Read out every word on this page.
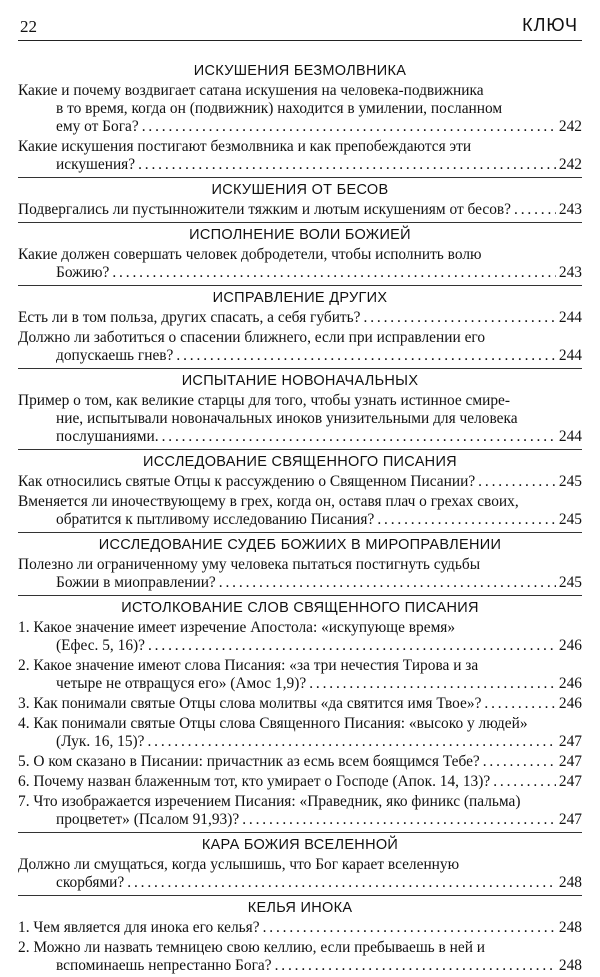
22	КЛЮЧ
ИСКУШЕНИЯ БЕЗМОЛВНИКА
Какие и почему воздвигает сатана искушения на человека-подвижника
в то время, когда он (подвижник) находится в умилении, посланном
ему от Бога? . . .	242
Какие искушения постигают безмолвника и как препобеждаются эти
искушения? . . .	242
ИСКУШЕНИЯ ОТ БЕСОВ
Подвергались ли пустынножители тяжким и лютым искушениям от бесов? . . .	243
ИСПОЛНЕНИЕ ВОЛИ БОЖИЕЙ
Какие должен совершать человек добродетели, чтобы исполнить волю
Божию? . . .	243
ИСПРАВЛЕНИЕ ДРУГИХ
Есть ли в том польза, других спасать, а себя губить? . . .	244
Должно ли заботиться о спасении ближнего, если при исправлении его
допускаешь гнев? . . .	244
ИСПЫТАНИЕ НОВОНАЧАЛЬНЫХ
Пример о том, как великие старцы для того, чтобы узнать истинное смире-
ние, испытывали новоначальных иноков унизительными для человека
послушаниями. . . .	244
ИССЛЕДОВАНИЕ СВЯЩЕННОГО ПИСАНИЯ
Как относились святые Отцы к рассуждению о Священном Писании? . . .	245
Вменяется ли иночествующему в грех, когда он, оставя плач о грехах своих,
обратится к пытливому исследованию Писания? . . .	245
ИССЛЕДОВАНИЕ СУДЕБ БОЖИИХ В МИРОПРАВЛЕНИИ
Полезно ли ограниченному уму человека пытаться постигнуть судьбы
Божии в миоправлении? . . .	245
ИСТОЛКОВАНИЕ СЛОВ СВЯЩЕННОГО ПИСАНИЯ
1. Какое значение имеет изречение Апостола: «искупующе время»
(Ефес. 5, 16)? . . .	246
2. Какое значение имеют слова Писания: «за три нечестия Тирова и за
четыре не отвращуся его» (Амос 1,9)? . . .	246
3. Как понимали святые Отцы слова молитвы «да святится имя Твое»? . . .	246
4. Как понимали святые Отцы слова Священного Писания: «высоко у людей»
(Лук. 16, 15)? . . .	247
5. О ком сказано в Писании: причастник аз есмь всем боящимся Тебе? . . .	247
6. Почему назван блаженным тот, кто умирает о Господе (Апок. 14, 13)? . . .	247
7. Что изображается изречением Писания: «Праведник, яко финикс (пальма)
процветет» (Псалом 91,93)? . . .	247
КАРА БОЖИЯ ВСЕЛЕННОЙ
Должно ли смущаться, когда услышишь, что Бог карает вселенную
скорбями? . . .	248
КЕЛЬЯ ИНОКА
1. Чем является для инока его келья? . . .	248
2. Можно ли назвать темницею свою келлию, если пребываешь в ней и
вспоминаешь непрестанно Бога? . . .	248
